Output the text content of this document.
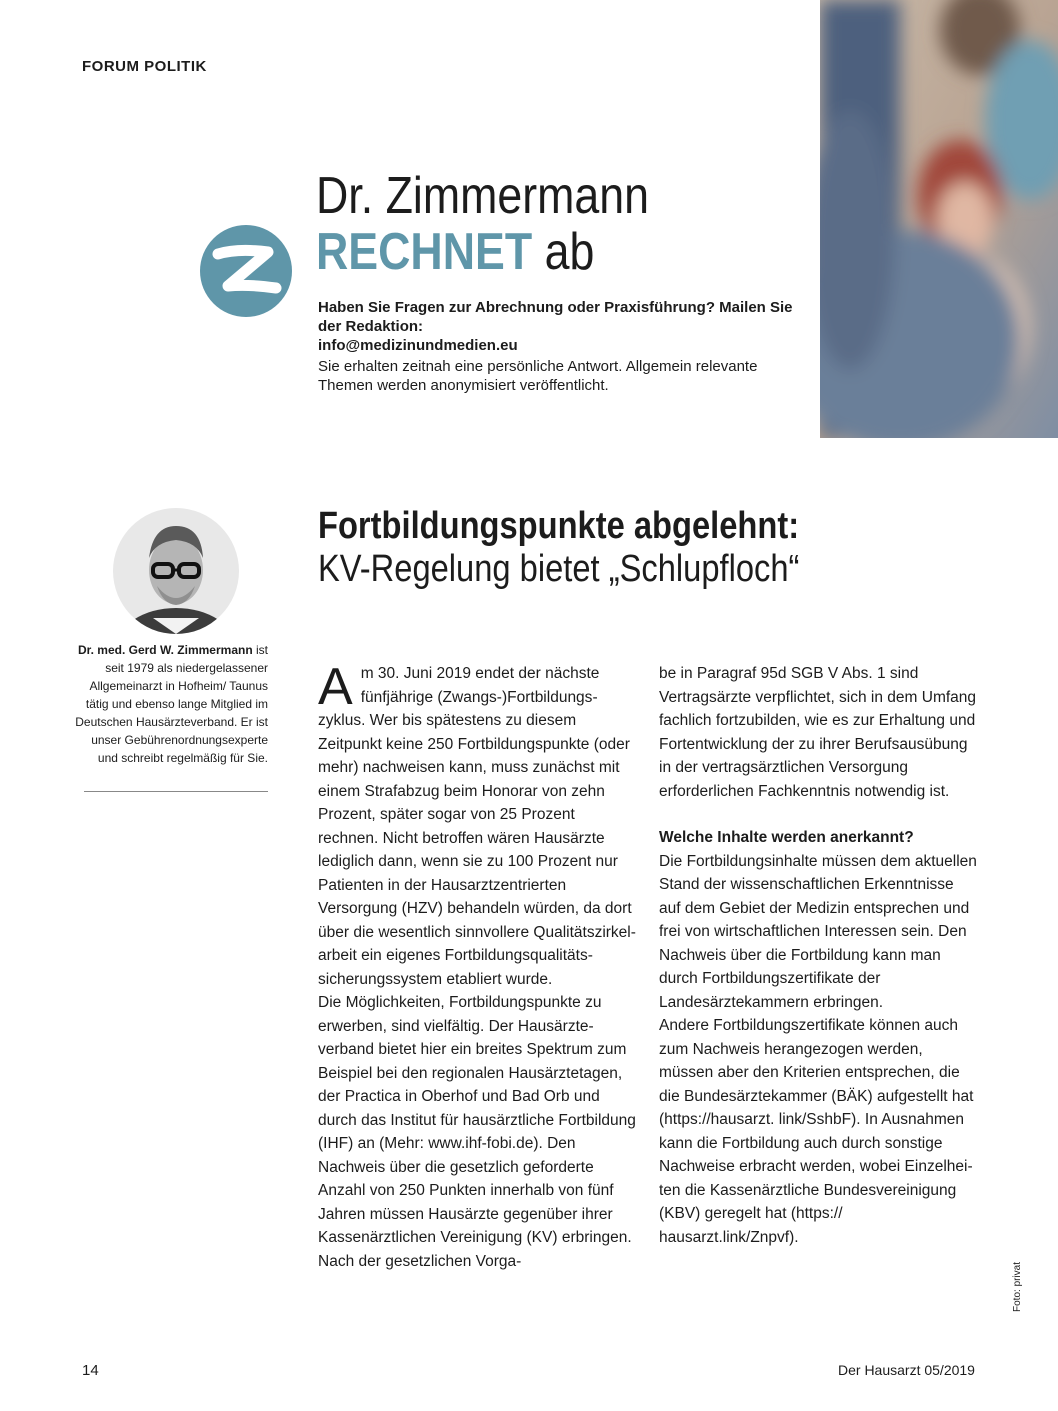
FORUM POLITIK
Dr. Zimmermann
RECHNET ab
Haben Sie Fragen zur Abrechnung oder Praxisführung? Mailen Sie der Redaktion:
info@medizinundmedien.eu
Sie erhalten zeitnah eine persönliche Antwort. Allgemein relevante Themen werden anonymisiert veröffentlicht.
Dr. med. Gerd W. Zimmermann ist seit 1979 als niedergelassener Allgemeinarzt in Hofheim/ Taunus tätig und ebenso lange Mitglied im Deutschen Hausärzteverband. Er ist unser Gebührenordnungsexperte und schreibt regelmäßig für Sie.
Fortbildungspunkte abgelehnt:
KV-Regelung bietet „Schlupfloch“

Am 30. Juni 2019 endet der nächste fünfjährige (Zwangs-)Fortbildungszyklus. Wer bis spätestens zu diesem Zeitpunkt keine 250 Fortbildungspunkte (oder mehr) nachweisen kann, muss zunächst mit einem Strafabzug beim Honorar von zehn Prozent, später sogar von 25 Prozent rechnen. Nicht betroffen wären Hausärzte lediglich dann, wenn sie zu 100 Prozent nur Patienten in der Hausarztzentrierten Versorgung (HZV) behandeln würden, da dort über die wesentlich sinnvollere Qualitätszirkelarbeit ein eigenes Fortbildungsqualitätssicherungssystem etabliert wurde.

Die Möglichkeiten, Fortbildungspunkte zu erwerben, sind vielfältig. Der Hausärzteverband bietet hier ein breites Spektrum zum Beispiel bei den regionalen Hausärztetagen, der Practica in Oberhof und Bad Orb und durch das Institut für hausärztliche Fortbildung (IHF) an (Mehr: www.ihf-fobi.de). Den Nachweis über die gesetzlich geforderte Anzahl von 250 Punkten innerhalb von fünf Jahren müssen Hausärzte gegenüber ihrer Kassenärztlichen Vereinigung (KV) erbringen. Nach der gesetzlichen Vorga-

be in Paragraf 95d SGB V Abs. 1 sind Vertragsärzte verpflichtet, sich in dem Umfang fachlich fortzubilden, wie es zur Erhaltung und Fortentwicklung der zu ihrer Berufsausübung in der vertragsärztlichen Versorgung erforderlichen Fachkenntnis notwendig ist.

Welche Inhalte werden anerkannt?

Die Fortbildungsinhalte müssen dem aktuellen Stand der wissenschaftlichen Erkenntnisse auf dem Gebiet der Medizin entsprechen und frei von wirtschaftlichen Interessen sein. Den Nachweis über die Fortbildung kann man durch Fortbildungszertifikate der Landesärztekammern erbringen.

Andere Fortbildungszertifikate können auch zum Nachweis herangezogen werden, müssen aber den Kriterien entsprechen, die die Bundesärztekammer (BÄK) aufgestellt hat (https://hausarzt. link/SshbF). In Ausnahmen kann die Fortbildung auch durch sonstige Nachweise erbracht werden, wobei Einzelheiten die Kassenärztliche Bundesvereinigung (KBV) geregelt hat (https:// hausarzt.link/Znpvf).

Foto: privat
14	Der Hausarzt 05/2019
